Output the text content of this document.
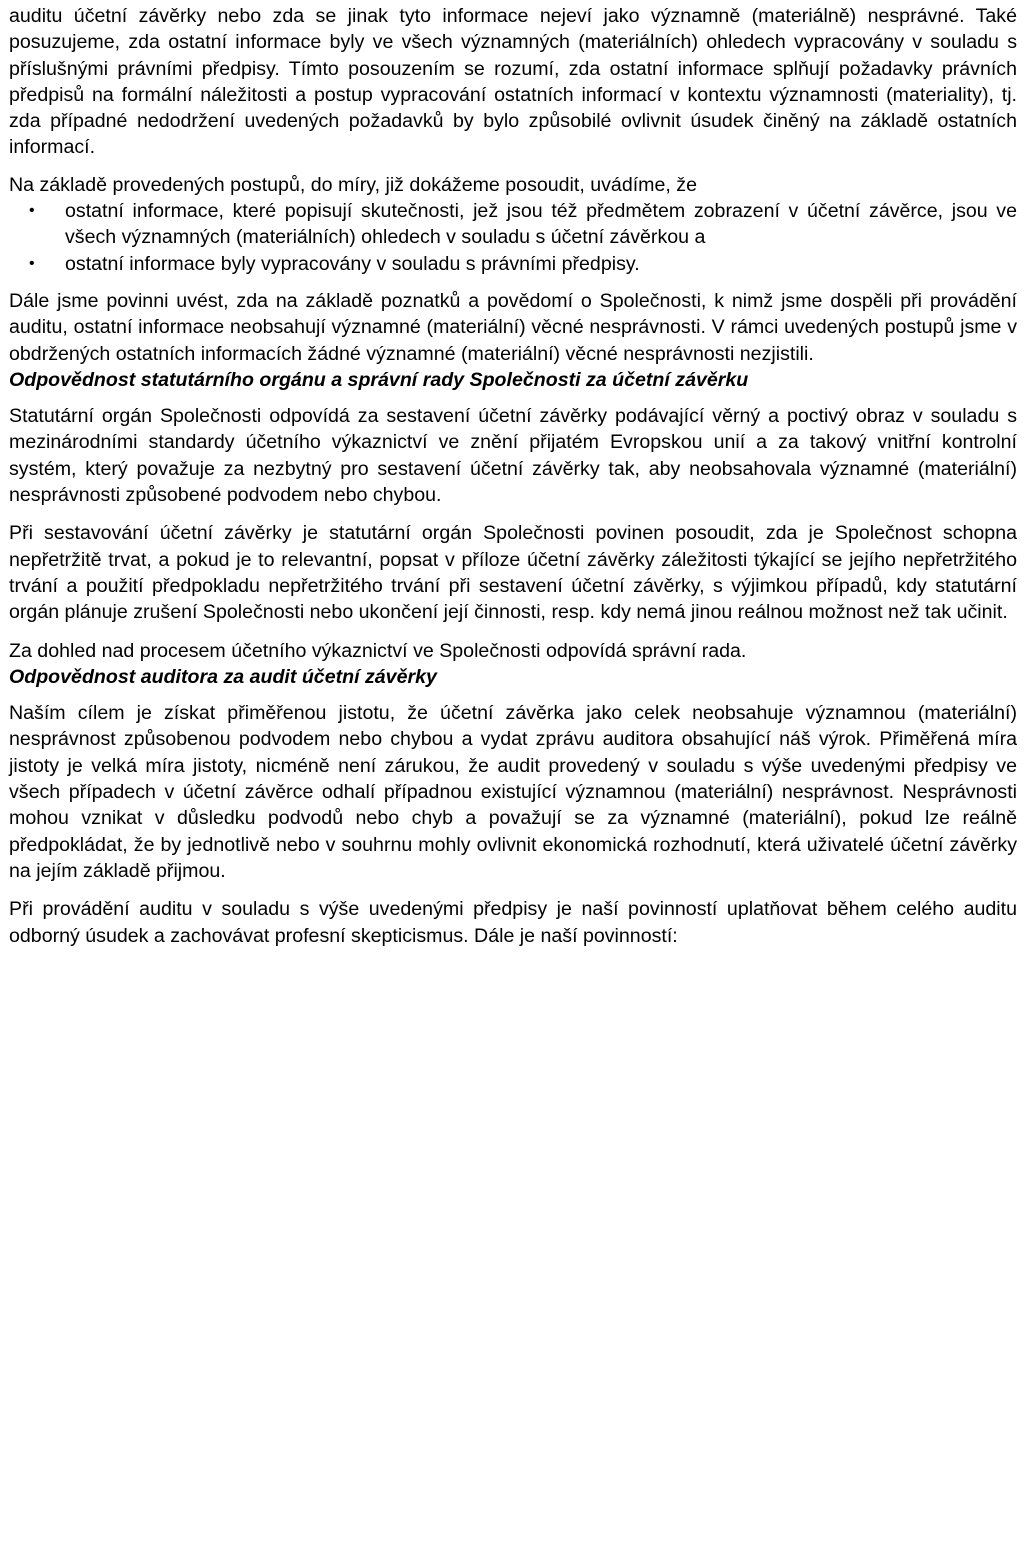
auditu účetní závěrky nebo zda se jinak tyto informace nejeví jako významně (materiálně) nesprávné. Také posuzujeme, zda ostatní informace byly ve všech významných (materiálních) ohledech vypracovány v souladu s příslušnými právními předpisy. Tímto posouzením se rozumí, zda ostatní informace splňují požadavky právních předpisů na formální náležitosti a postup vypracování ostatních informací v kontextu významnosti (materiality), tj. zda případné nedodržení uvedených požadavků by bylo způsobilé ovlivnit úsudek činěný na základě ostatních informací.

Na základě provedených postupů, do míry, již dokážeme posoudit, uvádíme, že

• ostatní informace, které popisují skutečnosti, jež jsou též předmětem zobrazení v účetní závěrce, jsou ve všech významných (materiálních) ohledech v souladu s účetní závěrkou a
• ostatní informace byly vypracovány v souladu s právními předpisy.

Dále jsme povinni uvést, zda na základě poznatků a povědomí o Společnosti, k nimž jsme dospěli při provádění auditu, ostatní informace neobsahují významné (materiální) věcné nesprávnosti. V rámci uvedených postupů jsme v obdržených ostatních informacích žádné významné (materiální) věcné nesprávnosti nezjistili.

Odpovědnost statutárního orgánu a správní rady Společnosti za účetní závěrku

Statutární orgán Společnosti odpovídá za sestavení účetní závěrky podávající věrný a poctivý obraz v souladu s mezinárodními standardy účetního výkaznictví ve znění přijatém Evropskou unií a za takový vnitřní kontrolní systém, který považuje za nezbytný pro sestavení účetní závěrky tak, aby neobsahovala významné (materiální) nesprávnosti způsobené podvodem nebo chybou.

Při sestavování účetní závěrky je statutární orgán Společnosti povinen posoudit, zda je Společnost schopna nepřetržitě trvat, a pokud je to relevantní, popsat v příloze účetní závěrky záležitosti týkající se jejího nepřetržitého trvání a použití předpokladu nepřetržitého trvání při sestavení účetní závěrky, s výjimkou případů, kdy statutární orgán plánuje zrušení Společnosti nebo ukončení její činnosti, resp. kdy nemá jinou reálnou možnost než tak učinit.

Za dohled nad procesem účetního výkaznictví ve Společnosti odpovídá správní rada.

Odpovědnost auditora za audit účetní závěrky

Naším cílem je získat přiměřenou jistotu, že účetní závěrka jako celek neobsahuje významnou (materiální) nesprávnost způsobenou podvodem nebo chybou a vydat zprávu auditora obsahující náš výrok. Přiměřená míra jistoty je velká míra jistoty, nicméně není zárukou, že audit provedený v souladu s výše uvedenými předpisy ve všech případech v účetní závěrce odhalí případnou existující významnou (materiální) nesprávnost. Nesprávnosti mohou vznikat v důsledku podvodů nebo chyb a považují se za významné (materiální), pokud lze reálně předpokládat, že by jednotlivě nebo v souhrnu mohly ovlivnit ekonomická rozhodnutí, která uživatelé účetní závěrky na jejím základě přijmou.

Při provádění auditu v souladu s výše uvedenými předpisy je naší povinností uplatňovat během celého auditu odborný úsudek a zachovávat profesní skepticismus. Dále je naší povinností:
